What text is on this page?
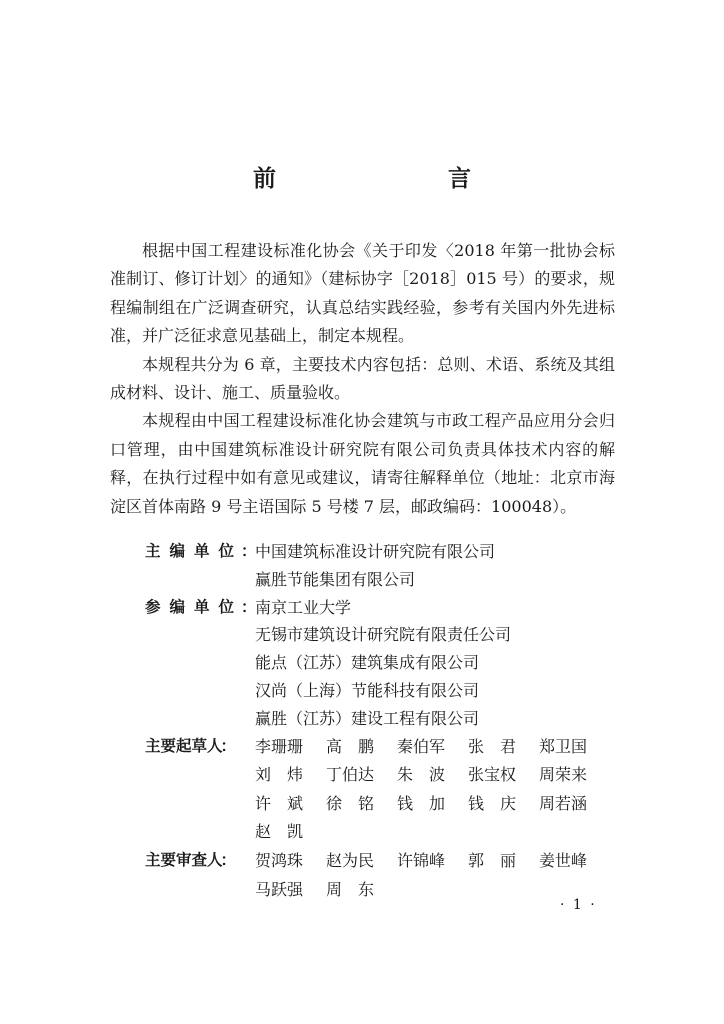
前　　言

根据中国工程建设标准化协会《关于印发〈2018 年第一批协会标准制订、修订计划〉的通知》（建标协字［2018］015 号）的要求，规程编制组在广泛调查研究，认真总结实践经验，参考有关国内外先进标准，并广泛征求意见基础上，制定本规程。

本规程共分为 6 章，主要技术内容包括：总则、术语、系统及其组成材料、设计、施工、质量验收。

本规程由中国工程建设标准化协会建筑与市政工程产品应用分会归口管理，由中国建筑标准设计研究院有限公司负责具体技术内容的解释，在执行过程中如有意见或建议，请寄往解释单位（地址：北京市海淀区首体南路 9 号主语国际 5 号楼 7 层，邮政编码：100048）。

主编单位：
中国建筑标准设计研究院有限公司
赢胜节能集团有限公司
参编单位：
南京工业大学
无锡市建筑设计研究院有限责任公司
能点（江苏）建筑集成有限公司
汉尚（上海）节能科技有限公司
赢胜（江苏）建设工程有限公司
主要起草人：	李珊珊	高　鹏	秦伯军	张　君	郑卫国
刘　炜	丁伯达	朱　波	张宝权	周荣来
许　斌	徐　铭	钱　加	钱　庆	周若涵
赵　凯
主要审查人：	贺鸿珠	赵为民	许锦峰	郭　丽	姜世峰
马跃强	周　东
· 1 ·
